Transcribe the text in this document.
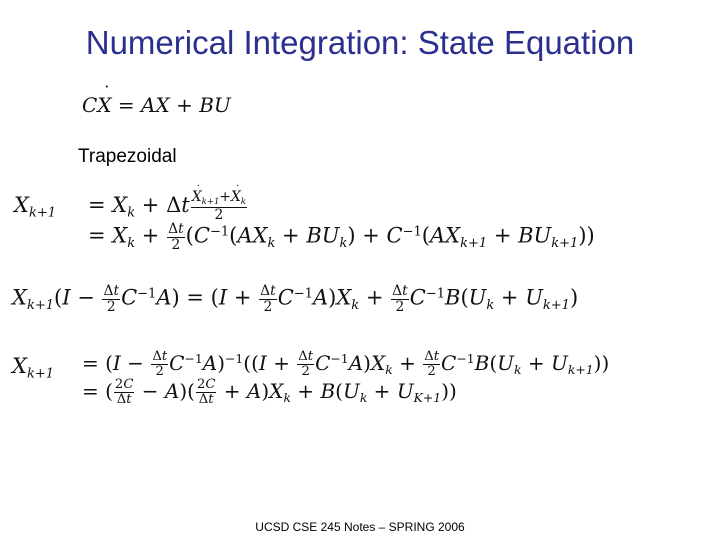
Numerical Integration: State Equation
CX ˙ = AX + BU
Trapezoidal
$X_{k+1} = X_k + \Delta t \frac{X ˙_{k+1}+X ˙_k}{2}$
= $X_k + \frac{\Delta t}{2} (C^{-1}(AX_k + BU_k) + C^{-1}(AX_{k+1} + BU_{k+1}))$
$X_{k+1}(I - \frac{\Delta t}{2} C^{-1}A) = (I + \frac{\Delta t}{2} C^{-1}A)X_k + \frac{\Delta t}{2} C^{-1}B(U_k + U_{k+1})$
$X_{k+1} = (I - \frac{\Delta t}{2} C^{-1}A)^{-1}((I + \frac{\Delta t}{2} C^{-1}A)X_k + \frac{\Delta t}{2} C^{-1}B(U_k + U_{k+1}))$
= ( $\frac{2C}{\Delta t} - A)( \frac{2C}{\Delta t} + A)X_k + B(U_k + U_{K+1})$)
UCSD CSE 245 Notes – SPRING 2006
